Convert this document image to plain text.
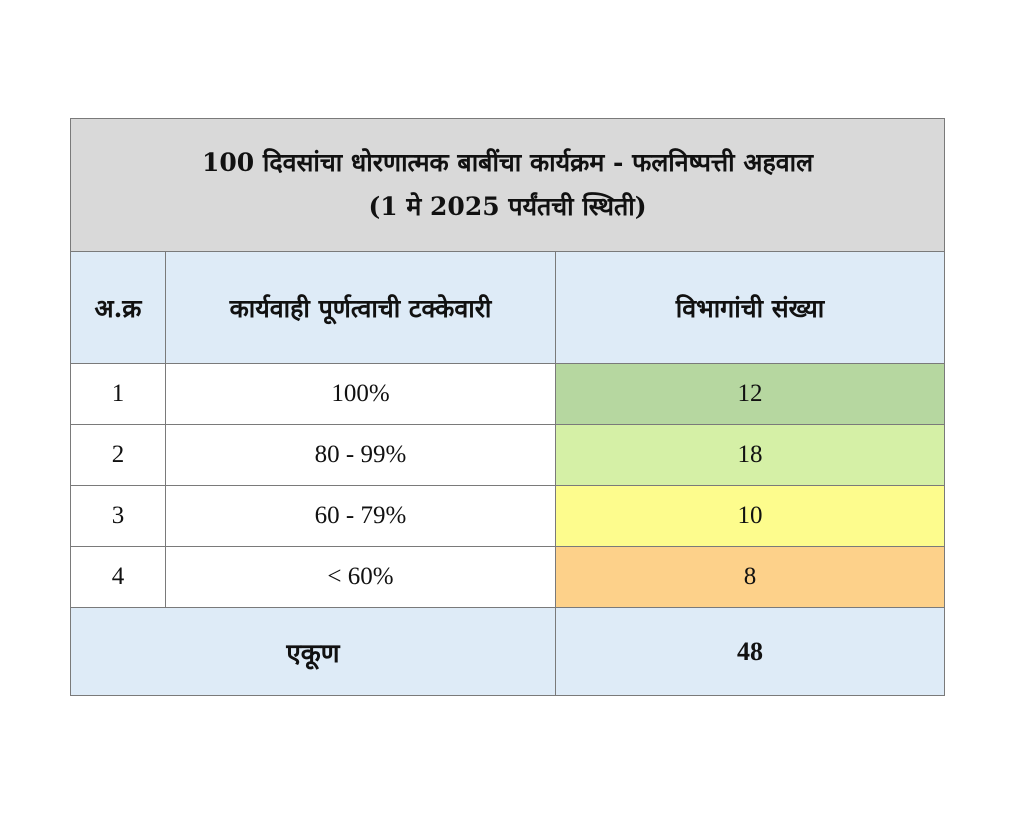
100 दिवसांचा धोरणात्मक बाबींचा कार्यक्रम - फलनिष्पत्ती अहवाल
(1 मे 2025 पर्यंतची स्थिती)		

अ.क्र	कार्यवाही पूर्णत्वाची टक्केवारी	विभागांची संख्या
1	100%	12
2	80 - 99%	18
3	60 - 79%	10
4	< 60%	8
एकूण		48
